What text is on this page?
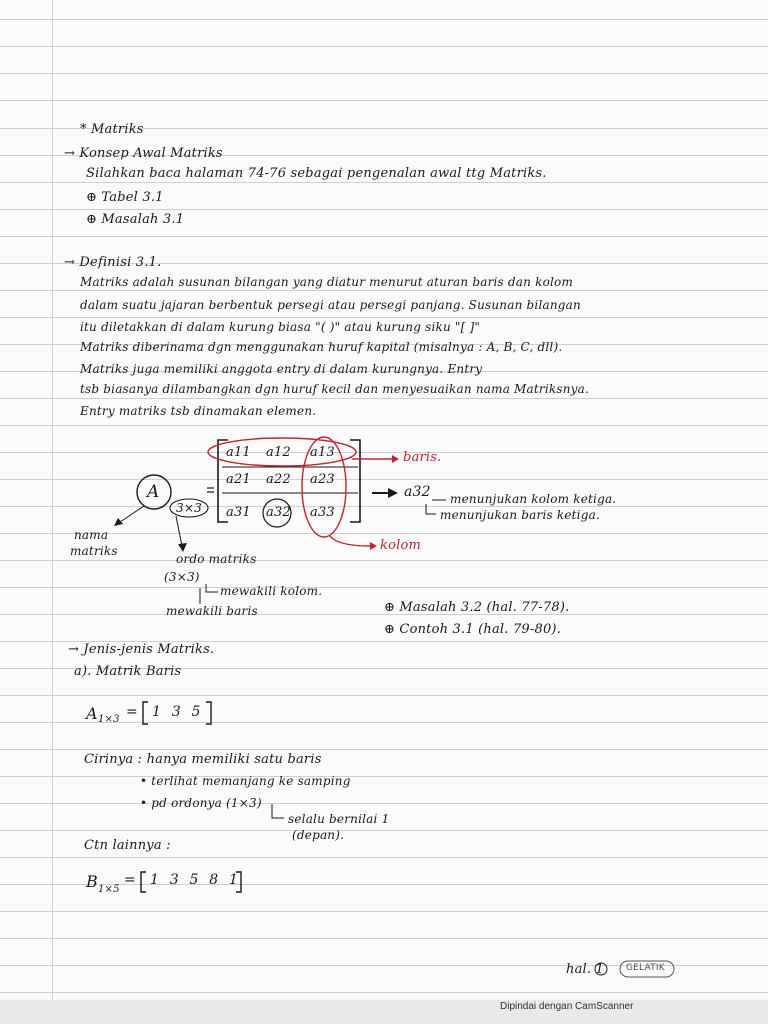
* Matriks
→ Konsep Awal Matriks
Silahkan baca halaman 74-76 sebagai pengenalan awal ttg Matriks.
⊕ Tabel 3.1
⊕ Masalah 3.1
→ Definisi 3.1.
Matriks adalah susunan bilangan yang diatur menurut aturan baris dan kolom
dalam suatu jajaran berbentuk persegi atau persegi panjang. Susunan bilangan
itu diletakkan di dalam kurung biasa "( )" atau kurung siku "[ ]"
Matriks diberinama dgn menggunakan huruf kapital (misalnya : A, B, C, dll).
Matriks juga memiliki anggota entry di dalam kurungnya. Entry
tsb biasanya dilambangkan dgn huruf kecil dan menyesuaikan nama Matriksnya.
Entry matriks tsb dinamakan elemen.
a11 a12 a13
a21 a22 a23
a31 a32 a33
A
3×3
nama
matriks
baris.
kolom
a32 menunjukan kolom ketiga.
menunjukan baris ketiga.
ordo matriks
(3×3)
mewakili kolom.
mewakili baris	⊕ Masalah 3.2 (hal. 77-78).
⊕ Contoh 3.1 (hal. 79-80).
→ Jenis-jenis Matriks.
a). Matrik Baris
A 1×3 = 1 3 5
Cirinya : hanya memiliki satu baris
• terlihat memanjang ke samping
• pd ordonya (1×3)
selalu bernilai 1
(depan).
Ctn lainnya :
B 1×5
= 1 3 5 8 1
hal. 1 GELATIK
Dipindai dengan CamScanner
